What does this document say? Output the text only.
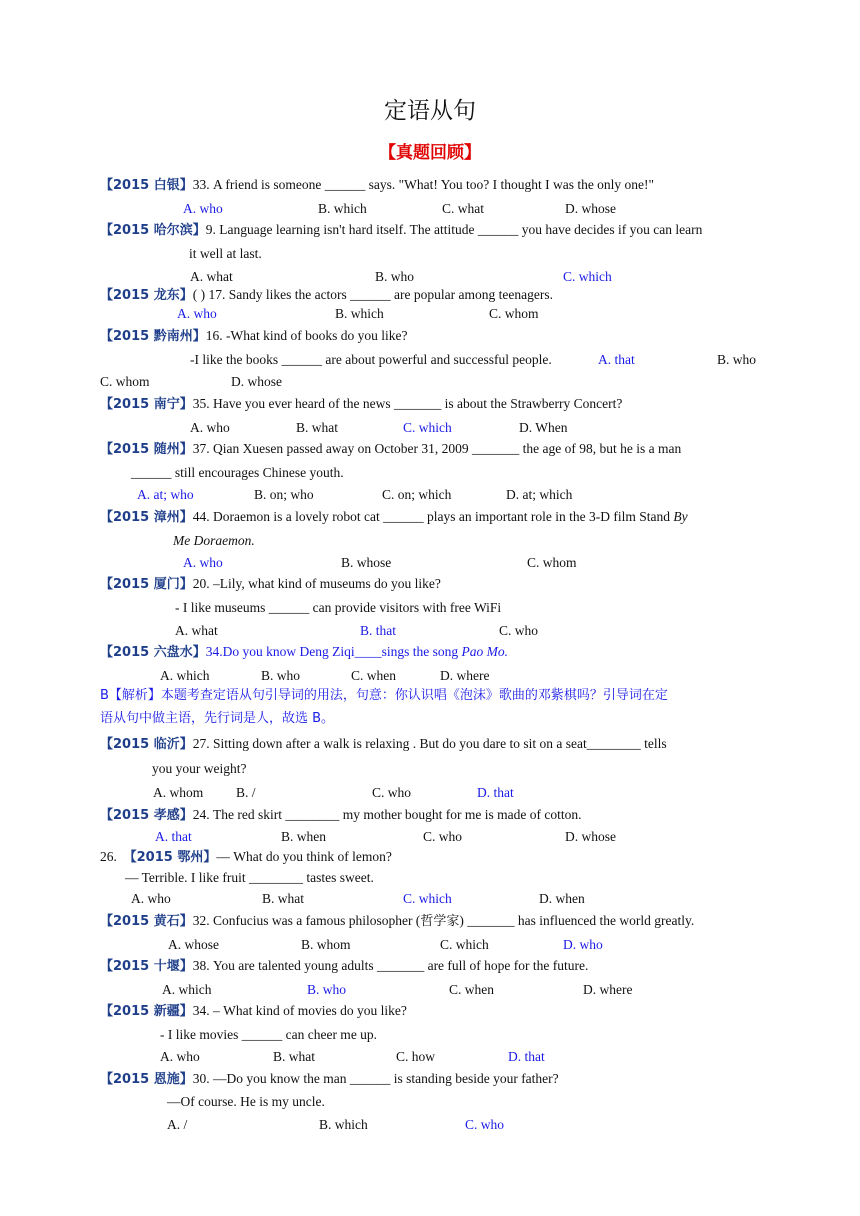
定语从句
【真题回顾】
【2015 白银】33. A friend is someone ______ says. "What! You too? I thought I was the only one!"
A. who	B. which	C. what	D. whose
【2015 哈尔滨】9. Language learning isn't hard itself. The attitude ______ you have decides if you can learn
it well at last.
A. what	B. who	C. which
【2015 龙东】( ) 17. Sandy likes the actors ______ are popular among teenagers.
A. who	B. which	C. whom
【2015 黔南州】16. -What kind of books do you like?
-I like the books ______ are about powerful and successful people.	A. that	B. who
C. whom	D. whose
【2015 南宁】35. Have you ever heard of the news _______ is about the Strawberry Concert?
A. who	B. what	C. which	D. When
【2015 随州】37. Qian Xuesen passed away on October 31, 2009 _______ the age of 98, but he is a man
______ still encourages Chinese youth.
A. at; who	B. on; who	C. on; which	D. at; which
【2015 漳州】44. Doraemon is a lovely robot cat ______ plays an important role in the 3-D film Stand By
Me Doraemon.
A. who	B. whose	C. whom
【2015 厦门】20. –Lily, what kind of museums do you like?
- I like museums ______ can provide visitors with free WiFi
A. what	B. that	C. who
【2015 六盘水】34.Do you know Deng Ziqi____sings the song Pao Mo.
A. which	B. who	C. when	D. where
B【解析】本题考查定语从句引导词的用法，句意：你认识唱《泡沫》歌曲的邓紫棋吗？引导词在定
语从句中做主语，先行词是人，故选 B。
【2015 临沂】27. Sitting down after a walk is relaxing . But do you dare to sit on a seat________ tells
you your weight?
A. whom B. /	C. who	D. that
【2015 孝感】24. The red skirt ________ my mother bought for me is made of cotton.
A. that	B. when	C. who	D. whose
26. 【2015 鄂州】— What do you think of lemon?
— Terrible. I like fruit ________ tastes sweet.
A. who	B. what	C. which	D. when
【2015 黄石】32. Confucius was a famous philosopher (哲学家) _______ has influenced the world greatly.
A. whose	B. whom	C. which	D. who
【2015 十堰】38. You are talented young adults _______ are full of hope for the future.
A. which	B. who	C. when	D. where
【2015 新疆】34. – What kind of movies do you like?
- I like movies ______ can cheer me up.
A. who	B. what	C. how	D. that
【2015 恩施】30. —Do you know the man ______ is standing beside your father?
—Of course. He is my uncle.
A. /	B. which	C. who
